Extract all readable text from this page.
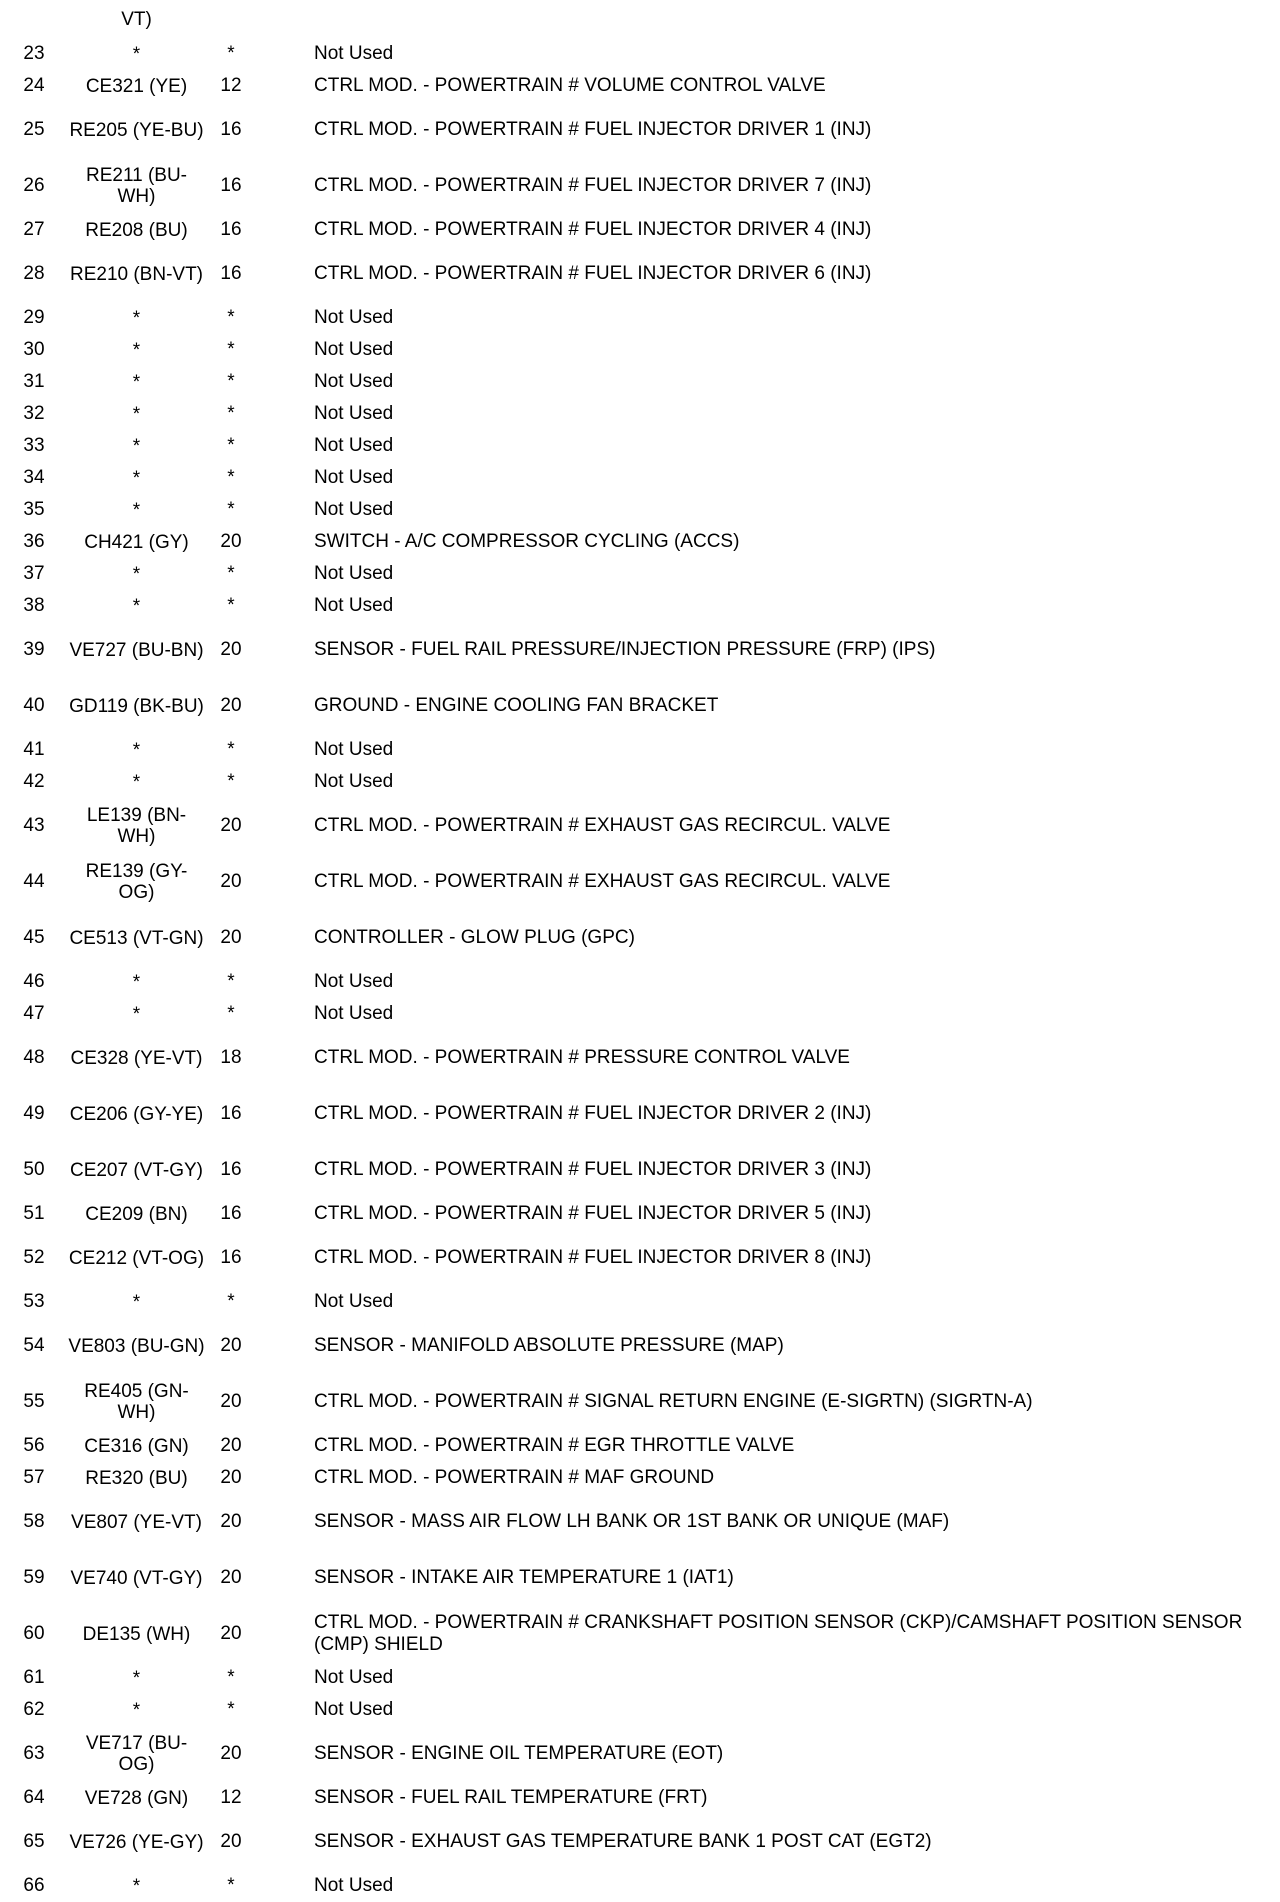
	VT)			
23	*	*		Not Used
24	CE321 (YE)	12		CTRL MOD. - POWERTRAIN # VOLUME CONTROL VALVE
25	RE205 (YE-BU)	16		CTRL MOD. - POWERTRAIN # FUEL INJECTOR DRIVER 1 (INJ)
26	RE211 (BU-WH)	16		CTRL MOD. - POWERTRAIN # FUEL INJECTOR DRIVER 7 (INJ)
27	RE208 (BU)	16		CTRL MOD. - POWERTRAIN # FUEL INJECTOR DRIVER 4 (INJ)
28	RE210 (BN-VT)	16		CTRL MOD. - POWERTRAIN # FUEL INJECTOR DRIVER 6 (INJ)
29	*	*		Not Used
30	*	*		Not Used
31	*	*		Not Used
32	*	*		Not Used
33	*	*		Not Used
34	*	*		Not Used
35	*	*		Not Used
36	CH421 (GY)	20		SWITCH - A/C COMPRESSOR CYCLING (ACCS)
37	*	*		Not Used
38	*	*		Not Used
39	VE727 (BU-BN)	20		SENSOR - FUEL RAIL PRESSURE/INJECTION PRESSURE (FRP) (IPS)
40	GD119 (BK-BU)	20		GROUND - ENGINE COOLING FAN BRACKET
41	*	*		Not Used
42	*	*		Not Used
43	LE139 (BN-WH)	20		CTRL MOD. - POWERTRAIN # EXHAUST GAS RECIRCUL. VALVE
44	RE139 (GY-OG)	20		CTRL MOD. - POWERTRAIN # EXHAUST GAS RECIRCUL. VALVE
45	CE513 (VT-GN)	20		CONTROLLER - GLOW PLUG (GPC)
46	*	*		Not Used
47	*	*		Not Used
48	CE328 (YE-VT)	18		CTRL MOD. - POWERTRAIN # PRESSURE CONTROL VALVE
49	CE206 (GY-YE)	16		CTRL MOD. - POWERTRAIN # FUEL INJECTOR DRIVER 2 (INJ)
50	CE207 (VT-GY)	16		CTRL MOD. - POWERTRAIN # FUEL INJECTOR DRIVER 3 (INJ)
51	CE209 (BN)	16		CTRL MOD. - POWERTRAIN # FUEL INJECTOR DRIVER 5 (INJ)
52	CE212 (VT-OG)	16		CTRL MOD. - POWERTRAIN # FUEL INJECTOR DRIVER 8 (INJ)
53	*	*		Not Used
54	VE803 (BU-GN)	20		SENSOR - MANIFOLD ABSOLUTE PRESSURE (MAP)
55	RE405 (GN-WH)	20		CTRL MOD. - POWERTRAIN # SIGNAL RETURN ENGINE (E-SIGRTN) (SIGRTN-A)
56	CE316 (GN)	20		CTRL MOD. - POWERTRAIN # EGR THROTTLE VALVE
57	RE320 (BU)	20		CTRL MOD. - POWERTRAIN # MAF GROUND
58	VE807 (YE-VT)	20		SENSOR - MASS AIR FLOW LH BANK OR 1ST BANK OR UNIQUE (MAF)
59	VE740 (VT-GY)	20		SENSOR - INTAKE AIR TEMPERATURE 1 (IAT1)
60	DE135 (WH)	20		CTRL MOD. - POWERTRAIN # CRANKSHAFT POSITION SENSOR (CKP)/CAMSHAFT POSITION SENSOR (CMP) SHIELD
61	*	*		Not Used
62	*	*		Not Used
63	VE717 (BU-OG)	20		SENSOR - ENGINE OIL TEMPERATURE (EOT)
64	VE728 (GN)	12		SENSOR - FUEL RAIL TEMPERATURE (FRT)
65	VE726 (YE-GY)	20		SENSOR - EXHAUST GAS TEMPERATURE BANK 1 POST CAT (EGT2)
66	*	*		Not Used
